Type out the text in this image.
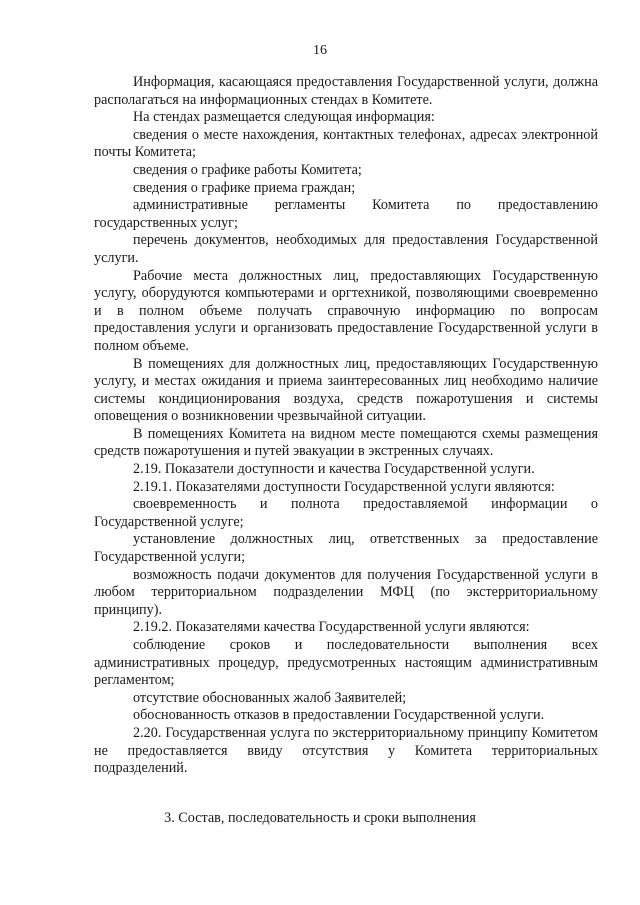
16

Информация, касающаяся предоставления Государственной услуги, должна располагаться на информационных стендах в Комитете.

На стендах размещается следующая информация:

сведения о месте нахождения, контактных телефонах, адресах электронной почты Комитета;

сведения о графике работы Комитета;

сведения о графике приема граждан;

административные регламенты Комитета по предоставлению государственных услуг;

перечень документов, необходимых для предоставления Государственной услуги.

Рабочие места должностных лиц, предоставляющих Государственную услугу, оборудуются компьютерами и оргтехникой, позволяющими своевременно и в полном объеме получать справочную информацию по вопросам предоставления услуги и организовать предоставление Государственной услуги в полном объеме.

В помещениях для должностных лиц, предоставляющих Государственную услугу, и местах ожидания и приема заинтересованных лиц необходимо наличие системы кондиционирования воздуха, средств пожаротушения и системы оповещения о возникновении чрезвычайной ситуации.

В помещениях Комитета на видном месте помещаются схемы размещения средств пожаротушения и путей эвакуации в экстренных случаях.

2.19. Показатели доступности и качества Государственной услуги.

2.19.1. Показателями доступности Государственной услуги являются:

своевременность и полнота предоставляемой информации о Государственной услуге;

установление должностных лиц, ответственных за предоставление Государственной услуги;

возможность подачи документов для получения Государственной услуги в любом территориальном подразделении МФЦ (по экстерриториальному принципу).

2.19.2. Показателями качества Государственной услуги являются:

соблюдение сроков и последовательности выполнения всех административных процедур, предусмотренных настоящим административным регламентом;

отсутствие обоснованных жалоб Заявителей;

обоснованность отказов в предоставлении Государственной услуги.

2.20. Государственная услуга по экстерриториальному принципу Комитетом не предоставляется ввиду отсутствия у Комитета территориальных подразделений.

3. Состав, последовательность и сроки выполнения
